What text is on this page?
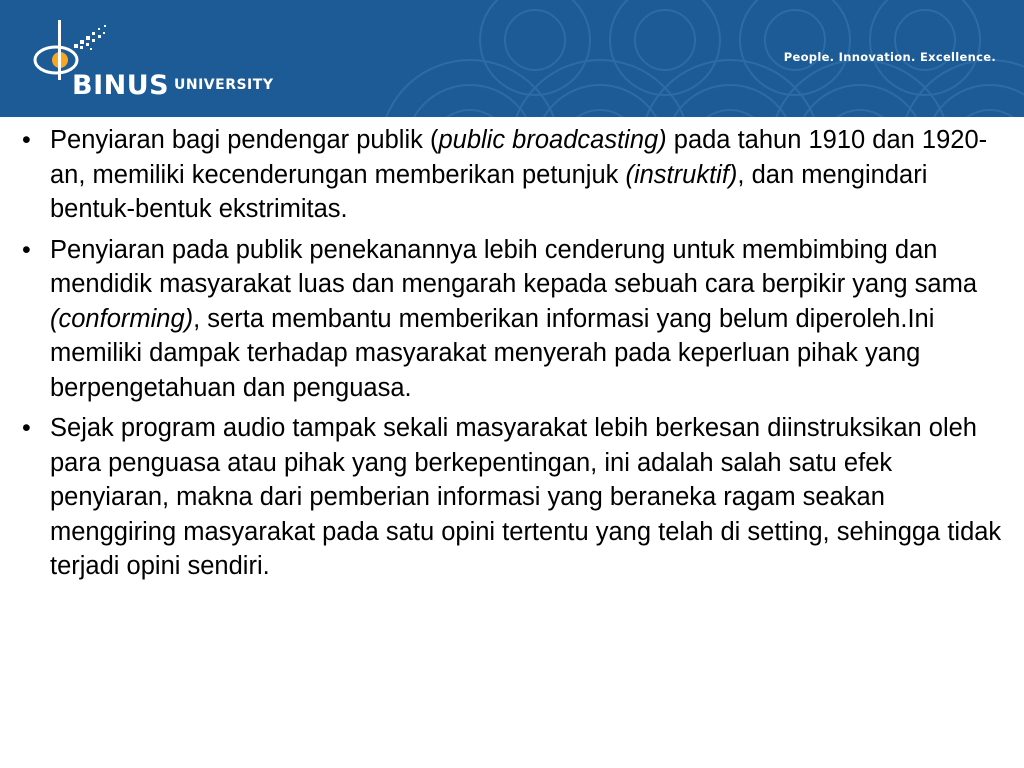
BINUS UNIVERSITY
People. Innovation. Excellence.
• Penyiaran bagi pendengar publik (public broadcasting) pada tahun 1910 dan 1920-an, memiliki kecenderungan memberikan petunjuk (instruktif), dan mengindari bentuk-bentuk ekstrimitas.
• Penyiaran pada publik penekanannya lebih cenderung untuk membimbing dan mendidik masyarakat luas dan mengarah kepada sebuah cara berpikir yang sama (conforming), serta membantu memberikan informasi yang belum diperoleh.Ini memiliki dampak terhadap masyarakat menyerah pada keperluan pihak yang berpengetahuan dan penguasa.
• Sejak program audio tampak sekali masyarakat lebih berkesan diinstruksikan oleh para penguasa atau pihak yang berkepentingan, ini adalah salah satu efek penyiaran, makna dari pemberian informasi yang beraneka ragam seakan menggiring masyarakat pada satu opini tertentu yang telah di setting, sehingga tidak terjadi opini sendiri.
